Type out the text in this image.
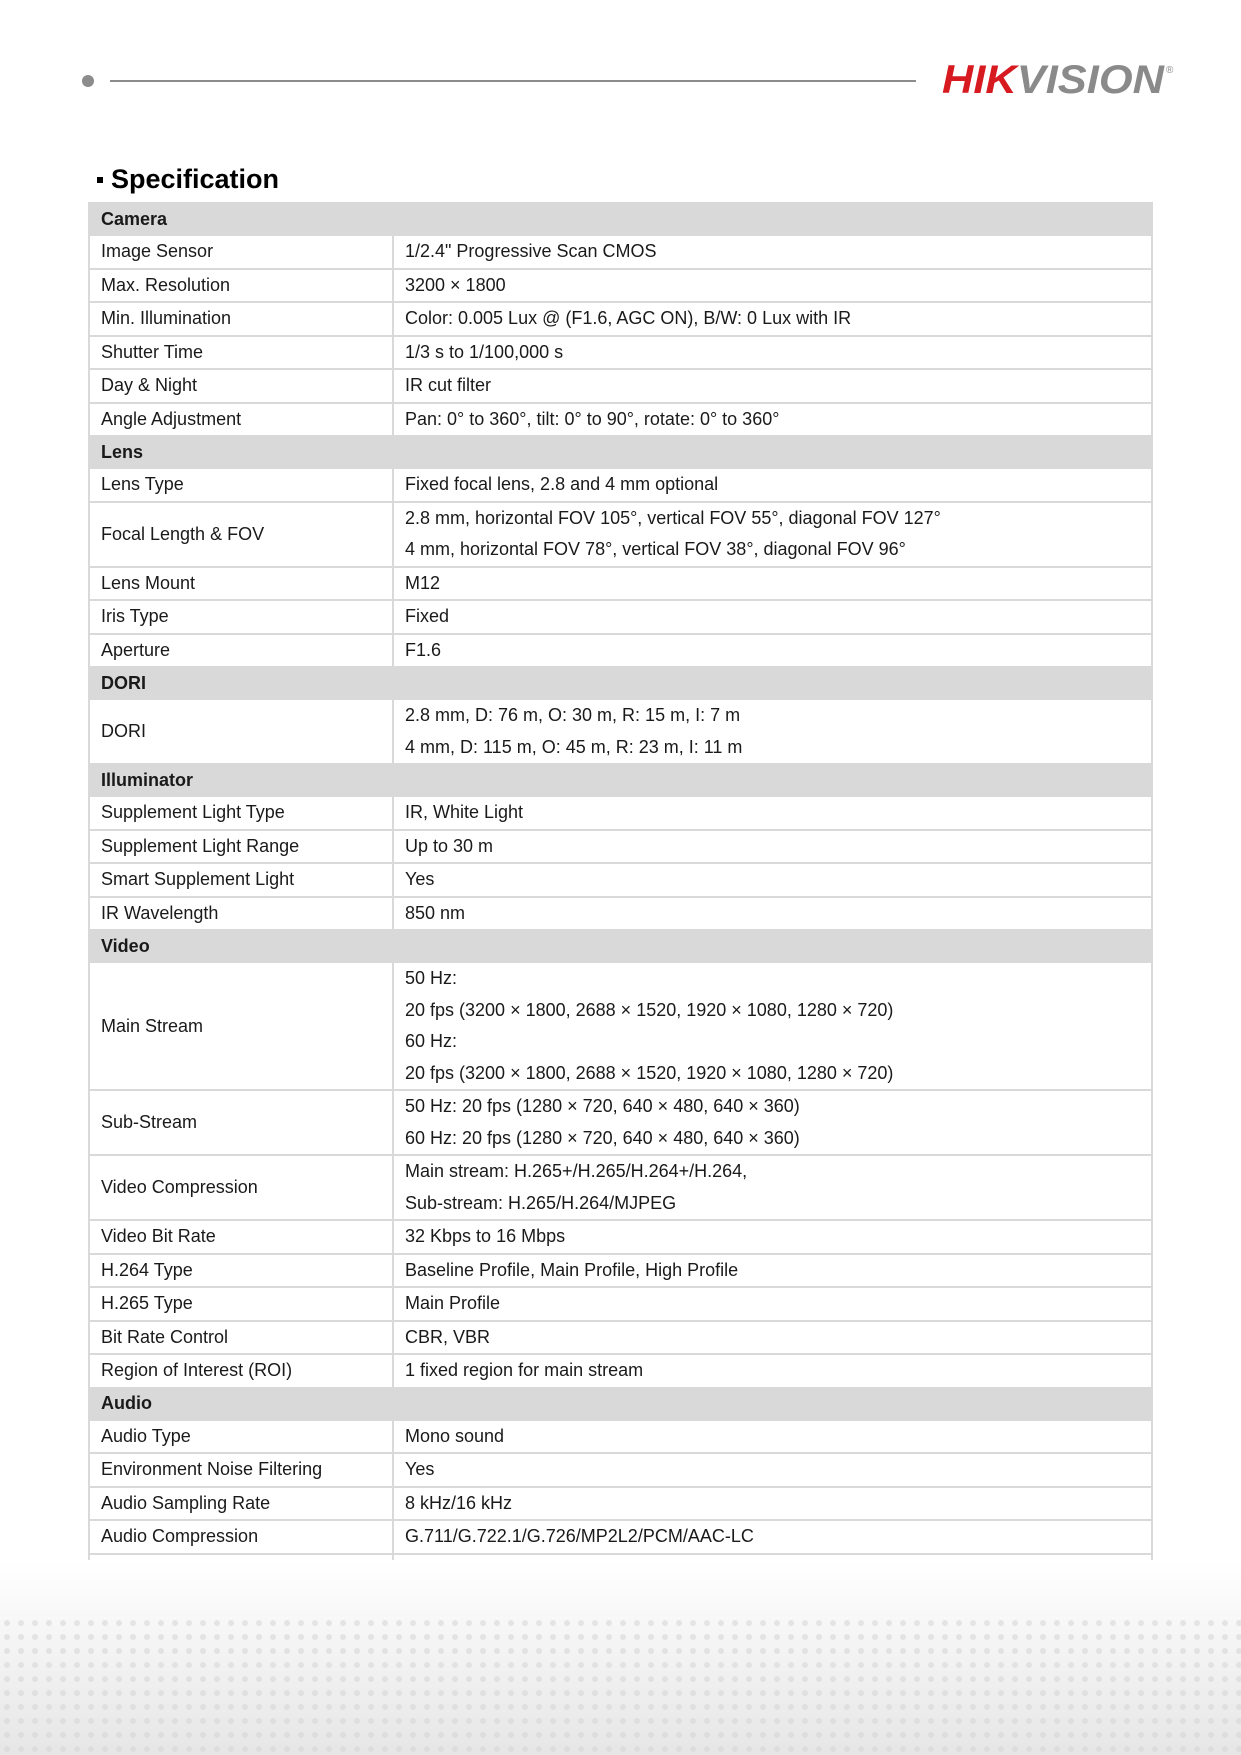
HIK VISION	®
Specification
Camera	
Image Sensor	1/2.4" Progressive Scan CMOS

Max. Resolution	3200 × 1800

Min. Illumination	Color: 0.005 Lux @ (F1.6, AGC ON), B/W: 0 Lux with IR

Shutter Time	1/3 s to 1/100,000 s

Day & Night	IR cut filter

Angle Adjustment	Pan: 0° to 360°, tilt: 0° to 90°, rotate: 0° to 360°

Lens	
Lens Type	Fixed focal lens, 2.8 and 4 mm optional

Focal Length & FOV	2.8 mm, horizontal FOV 105°, vertical FOV 55°, diagonal FOV 127°
4 mm, horizontal FOV 78°, vertical FOV 38°, diagonal FOV 96°

Lens Mount	M12

Iris Type	Fixed

Aperture	F1.6

DORI	
DORI	2.8 mm, D: 76 m, O: 30 m, R: 15 m, I: 7 m
4 mm, D: 115 m, O: 45 m, R: 23 m, I: 11 m

Illuminator	
Supplement Light Type	IR, White Light

Supplement Light Range	Up to 30 m

Smart Supplement Light	Yes

IR Wavelength	850 nm

Video	
Main Stream	50 Hz:
20 fps (3200 × 1800, 2688 × 1520, 1920 × 1080, 1280 × 720)
60 Hz:
20 fps (3200 × 1800, 2688 × 1520, 1920 × 1080, 1280 × 720)

Sub-Stream	50 Hz: 20 fps (1280 × 720, 640 × 480, 640 × 360)
60 Hz: 20 fps (1280 × 720, 640 × 480, 640 × 360)

Video Compression	Main stream: H.265+/H.265/H.264+/H.264,
Sub-stream: H.265/H.264/MJPEG

Video Bit Rate	32 Kbps to 16 Mbps

H.264 Type	Baseline Profile, Main Profile, High Profile

H.265 Type	Main Profile

Bit Rate Control	CBR, VBR

Region of Interest (ROI)	1 fixed region for main stream

Audio	
Audio Type	Mono sound

Environment Noise Filtering	Yes

Audio Sampling Rate	8 kHz/16 kHz

Audio Compression	G.711/G.722.1/G.726/MP2L2/PCM/AAC-LC
